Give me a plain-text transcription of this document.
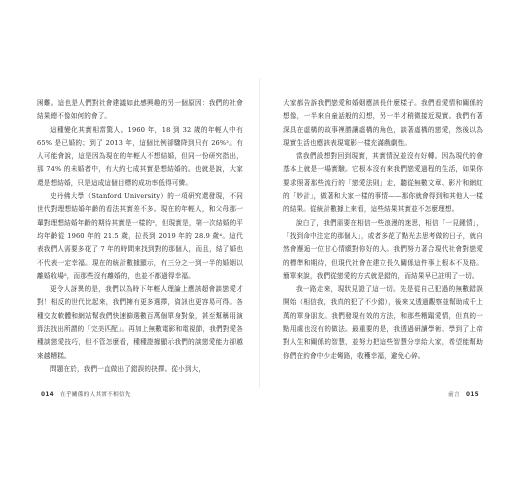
困難。這也是人們對社會建議如此感興趣的另一個原因：我們的社會結果總不像如何的會了。

這種變化其實相當驚人。1960 年，18 到 32 歲的年輕人中有 65% 是已婚的；到了 2013 年，這個比例卻驟降到只有 26%²。有人可能會說，這是因為現在的年輕人不想結婚，但同一份研究指出，那 74% 的未婚者中，有大約七成其實是想結婚的。也就是說，大家還是想結婚，只是這成這個目標的成功率低得可憐。

史丹佛大學（Stanford University）的一項研究還發現，不同世代對理想結婚年齡的看法其實差不多。現在的年輕人，和父母那一輩對理想結婚年齡的期待其實是一樣的³，但現實是，第一次結婚的平均年齡從 1960 年的 21.5 歲，拉長到 2019 年的 28.9 歲⁴。這代表我們人需要多花了 7 年的時間來找到對的那個人，而且，結了婚也不代表一定幸福。現在的統計數據顯示，有三分之一到一半的婚姻以離婚收場⁵，而那些沒有離婚的，也並不都過得幸福。

更令人訝異的是，我們以為時下年輕人理論上應該超會談戀愛才對！相反的世代比起來，我們擁有更多選擇，資訊也更容易可得。各種交友軟體和網站幫我們快速篩選數百萬個單身對象，甚至幫稱用演算法找出所謂的「完美匹配」。再加上無數電影和電視節，我們對愛各種談戀愛技巧，但不管怎麼看，種種證據顯示我們的談戀愛能力卻越來越糟糕。

問題在於，我們一直做出了錯誤的抉擇。從小到大，

大家都告訴我們戀愛和婚姻應該長什麼樣子。我們看愛情和關係的想像，一半來自童話般的幻想，另一半才稍微接近現實。我們有著深具在虛構的故事裡勝讓虛構的角色，談著虛構的戀愛，然後以為現實生活也應該表現電影一樣充滿戲劇性。

當我們設想對回到現實，其實情況並沒有好轉。因為現代的會基本上就是一場實驗。它根本沒有來我們戀愛過程的生活，如果你要求照著那些流行的「戀愛法則」走，聽從無數文章、影片和網紅的「妙計」，做著和大家一樣的事情——那你就會得到和其他人一樣的結果。從統計數據上來看，這些結果其實並不怎麼理想。

說白了，我們需要在相信一些浪漫的迷思，相信「一見鍾情」，「找到命中注定的那個人」，或者多花了點光去思考做的日子，就自然會邂逅一位甘心情願對你好的人。我們努力著合現代社會對戀愛的標準和期待，但現代社會在建立長久關係這件事上根本不及格。簡單來說，我們從戀愛的方式就是錯的，而結果早已註明了一切。

我一路走來，現狀見證了這一切。先是從自己犯過的無數錯誤開始（相信我，我真的犯了不少錯），後來又透過觀察並幫助成千上萬的單身朋友。我們發現有效的方法，和那些糟蹋愛情，但真的一點用處也沒有的做法。最重要的是，我透過研讀學術、學到了上帝對人生和關係的智慧，並努力把這些智慧分享給大家，希望能幫助你們在約會中少走彎路，收穫幸福，避免心碎。

014 在乎關係的人其實不相信先	前言 015
